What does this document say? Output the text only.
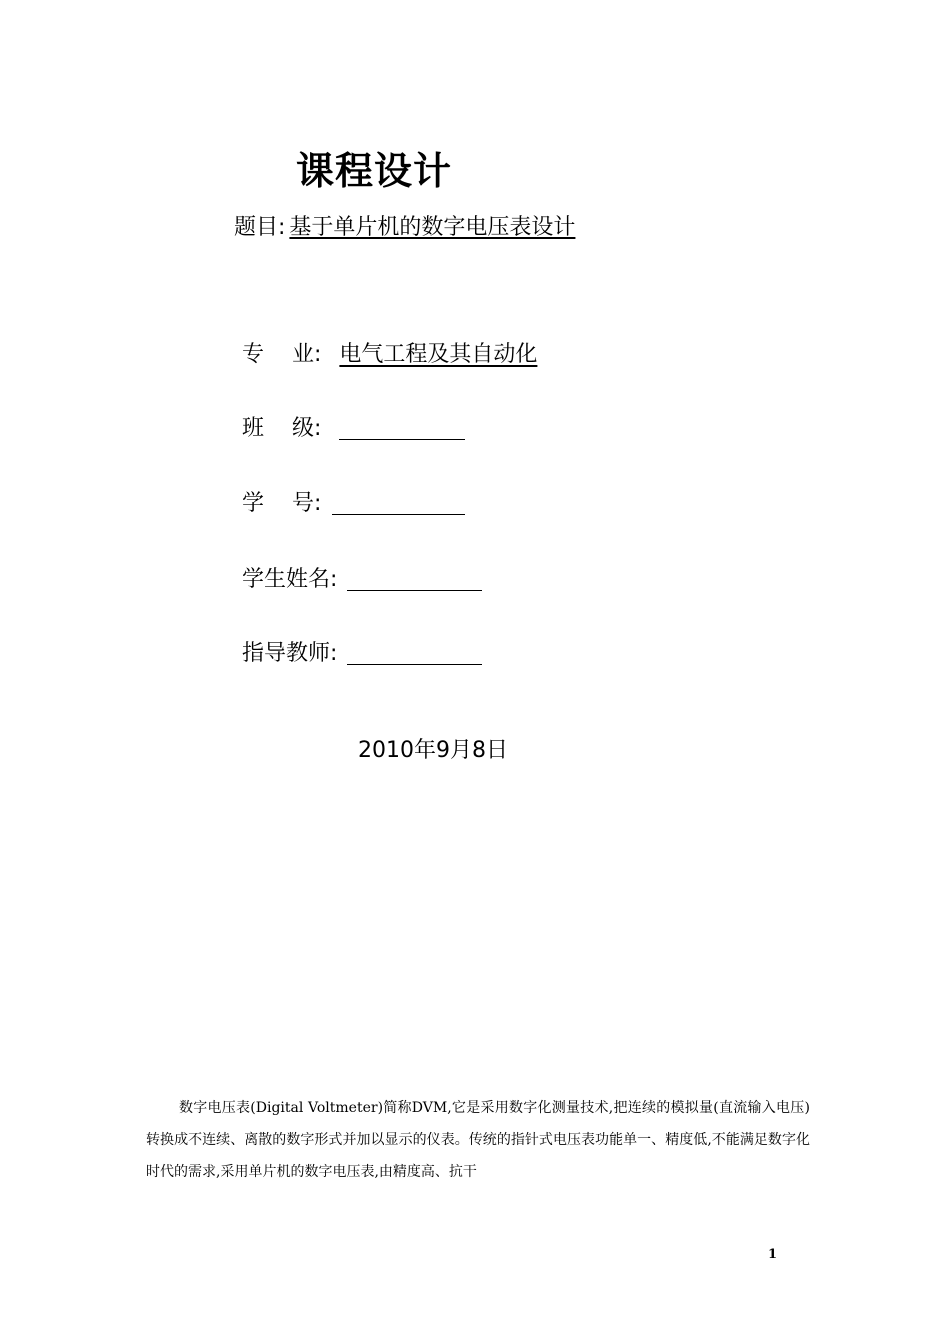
课程设计
题目: 基于单片机的数字电压表设计
专    业: 电气工程及其自动化
班    级:
学    号:
学生姓名:
指导教师:
2010年9月8日

数字电压表(Digital Voltmeter)简称DVM,它是采用数字化测量技术,把连续的模拟量(直流输入电压)转换成不连续、离散的数字形式并加以显示的仪表。传统的指针式电压表功能单一、精度低,不能满足数字化时代的需求,采用单片机的数字电压表,由精度高、抗干

1
